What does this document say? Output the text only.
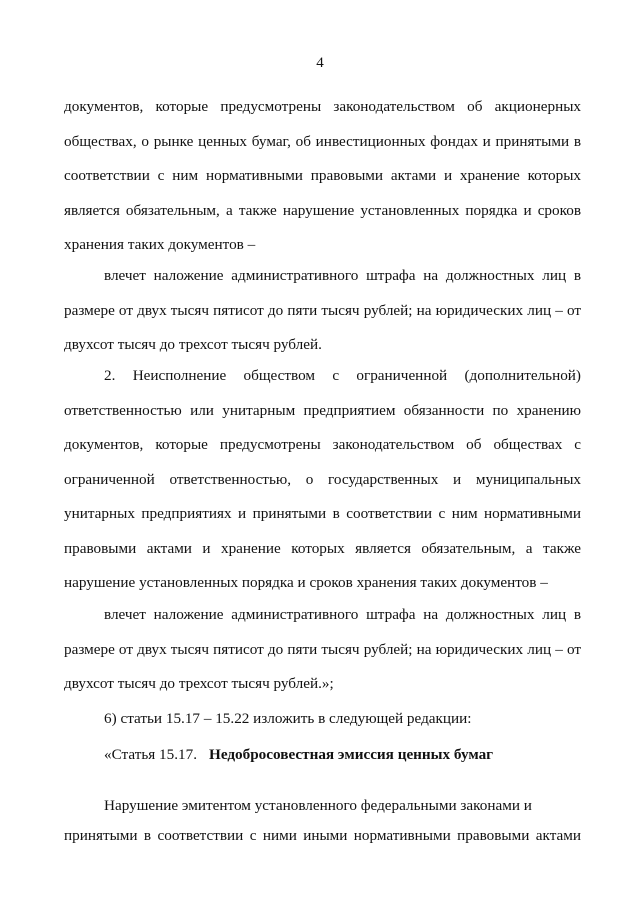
4
документов, которые предусмотрены законодательством об акционерных обществах, о рынке ценных бумаг, об инвестиционных фондах и принятыми в соответствии с ним нормативными правовыми актами и хранение которых является обязательным, а также нарушение установленных порядка и сроков хранения таких документов –
влечет наложение административного штрафа на должностных лиц в размере от двух тысяч пятисот до пяти тысяч рублей; на юридических лиц – от двухсот тысяч до трехсот тысяч рублей.
2. Неисполнение обществом с ограниченной (дополнительной) ответственностью или унитарным предприятием обязанности по хранению документов, которые предусмотрены законодательством об обществах с ограниченной ответственностью, о государственных и муниципальных унитарных предприятиях и принятыми в соответствии с ним нормативными правовыми актами и хранение которых является обязательным, а также нарушение установленных порядка и сроков хранения таких документов –
влечет наложение административного штрафа на должностных лиц в размере от двух тысяч пятисот до пяти тысяч рублей; на юридических лиц – от двухсот тысяч до трехсот тысяч рублей.»;
6) статьи 15.17 – 15.22 изложить в следующей редакции:
«Статья 15.17. Недобросовестная эмиссия ценных бумаг
Нарушение эмитентом установленного федеральными законами и
принятыми в соответствии с ними иными нормативными правовыми актами
